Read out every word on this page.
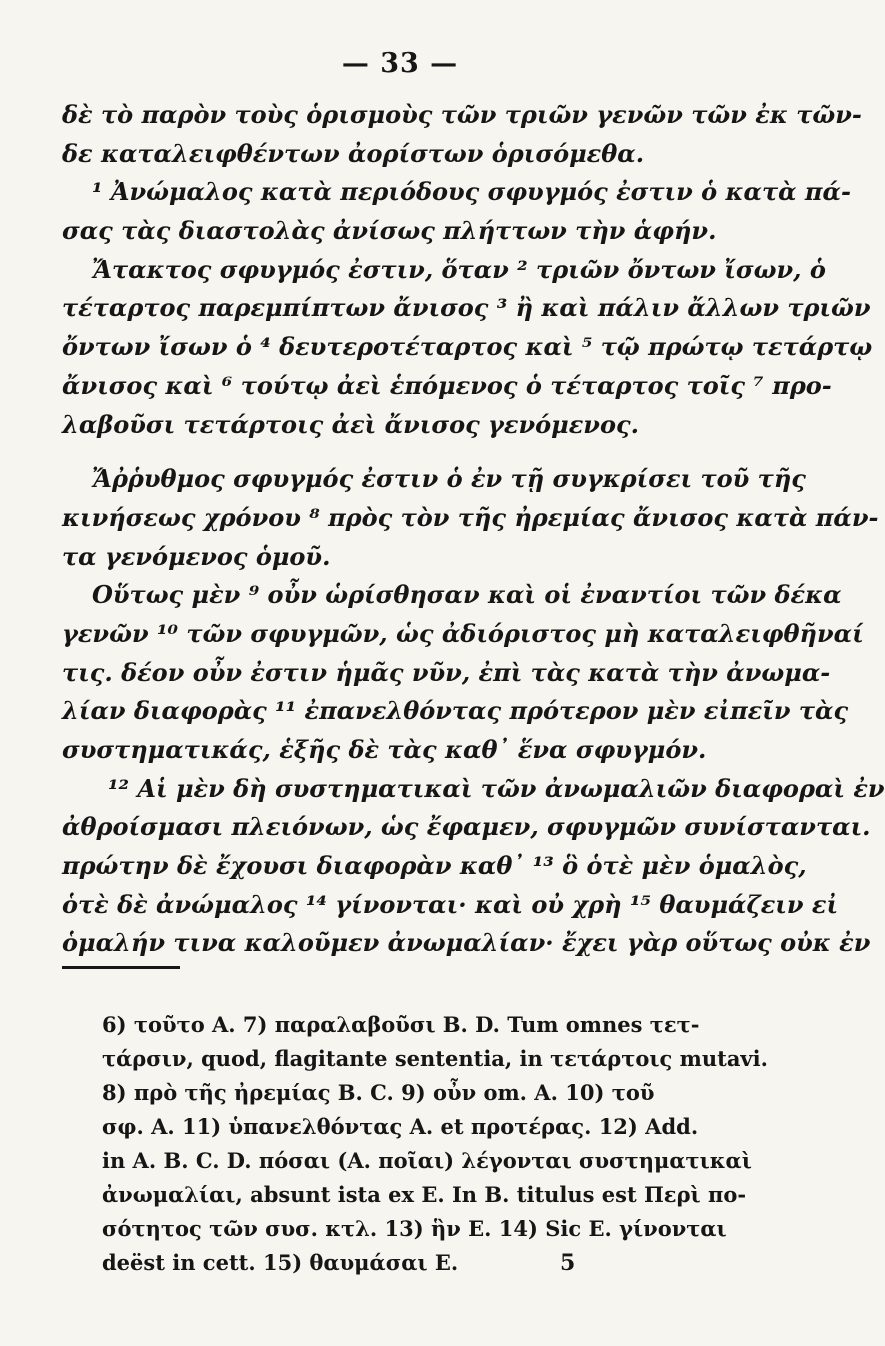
— 33 —
δὲ τὸ παρὸν τοὺς ὁρισμοὺς τῶν τριῶν γενῶν τῶν ἐκ τῶν-
δε καταλειφθέντων ἀορίστων ὁρισόμεθα.
¹ Ἀνώμαλος κατὰ περιόδους σφυγμός ἐστιν ὁ κατὰ πά-
σας τὰς διαστολὰς ἀνίσως πλήττων τὴν ἁφήν.
Ἄτακτος σφυγμός ἐστιν, ὅταν ² τριῶν ὄντων ἴσων, ὁ
τέταρτος παρεμπίπτων ἄνισος ³ ἢ καὶ πάλιν ἄλλων τριῶν
ὄντων ἴσων ὁ ⁴ δευτεροτέταρτος καὶ ⁵ τῷ πρώτῳ τετάρτῳ
ἄνισος καὶ ⁶ τούτῳ ἀεὶ ἑπόμενος ὁ τέταρτος τοῖς ⁷ προ-
λαβοῦσι τετάρτοις ἀεὶ ἄνισος γενόμενος.
Ἄῤῥυθμος σφυγμός ἐστιν ὁ ἐν τῇ συγκρίσει τοῦ τῆς
κινήσεως χρόνου ⁸ πρὸς τὸν τῆς ἠρεμίας ἄνισος κατὰ πάν-
τα γενόμενος ὁμοῦ.
Οὕτως μὲν ⁹ οὖν ὡρίσθησαν καὶ οἱ ἐναντίοι τῶν δέκα
γενῶν ¹⁰ τῶν σφυγμῶν, ὡς ἀδιόριστος μὴ καταλειφθῆναί
τις. δέον οὖν ἐστιν ἡμᾶς νῦν, ἐπὶ τὰς κατὰ τὴν ἀνωμα-
λίαν διαφορὰς ¹¹ ἐπανελθόντας πρότερον μὲν εἰπεῖν τὰς
συστηματικάς, ἑξῆς δὲ τὰς καθ᾽ ἕνα σφυγμόν.
¹² Αἱ μὲν δὴ συστηματικαὶ τῶν ἀνωμαλιῶν διαφοραὶ ἐν
ἀθροίσμασι πλειόνων, ὡς ἔφαμεν, σφυγμῶν συνίστανται.
πρώτην δὲ ἔχουσι διαφορὰν καθ᾽ ¹³ ὃ ὁτὲ μὲν ὁμαλὸς,
ὁτὲ δὲ ἀνώμαλος ¹⁴ γίνονται· καὶ οὐ χρὴ ¹⁵ θαυμάζειν εἰ
ὁμαλήν τινα καλοῦμεν ἀνωμαλίαν· ἔχει γὰρ οὕτως οὐκ ἐν
6) τοῦτο A. 7) παραλαβοῦσι B. D. Tum omnes τετ-
τάρσιν, quod, flagitante sententia, in τετάρτοις mutavi.
8) πρὸ τῆς ἠρεμίας B. C. 9) οὖν om. A. 10) τοῦ
σφ. A. 11) ὑπανελθόντας A. et προτέρας. 12) Add.
in A. B. C. D. πόσαι (A. ποῖαι) λέγονται συστηματικαὶ
ἀνωμαλίαι, absunt ista ex E. In B. titulus est Περὶ πο-
σότητος τῶν συσ. κτλ. 13) ἣν E. 14) Sic E. γίνονται
deëst in cett. 15) θαυμάσαι E.	5
